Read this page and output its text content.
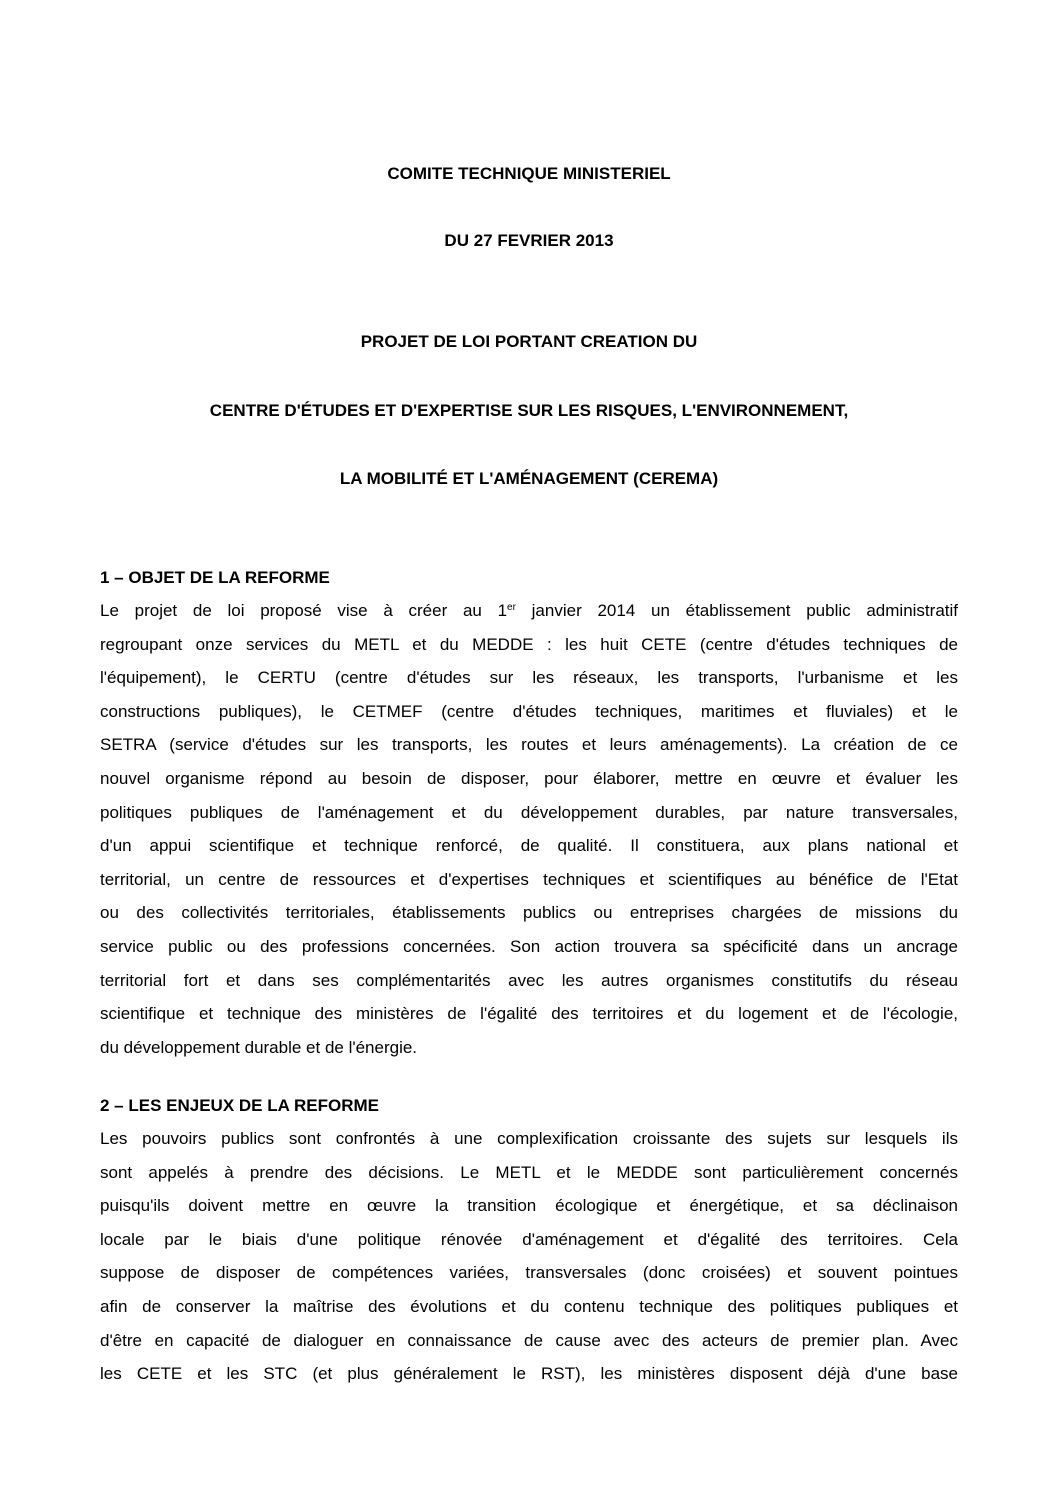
COMITE TECHNIQUE MINISTERIEL
DU 27 FEVRIER 2013
PROJET DE LOI PORTANT CREATION DU
CENTRE D'ÉTUDES ET D'EXPERTISE SUR LES RISQUES, L'ENVIRONNEMENT,
LA MOBILITÉ ET L'AMÉNAGEMENT (CEREMA)
1 – OBJET DE LA REFORME

Le projet de loi proposé vise à créer au 1er janvier 2014 un établissement public administratif
regroupant onze services du METL et du MEDDE : les huit CETE (centre d'études techniques de
l'équipement), le CERTU (centre d'études sur les réseaux, les transports, l'urbanisme et les
constructions publiques), le CETMEF (centre d'études techniques, maritimes et fluviales) et le
SETRA (service d'études sur les transports, les routes et leurs aménagements). La création de ce
nouvel organisme répond au besoin de disposer, pour élaborer, mettre en œuvre et évaluer les
politiques publiques de l'aménagement et du développement durables, par nature transversales,
d'un appui scientifique et technique renforcé, de qualité. Il constituera, aux plans national et
territorial, un centre de ressources et d'expertises techniques et scientifiques au bénéfice de l'Etat
ou des collectivités territoriales, établissements publics ou entreprises chargées de missions du
service public ou des professions concernées. Son action trouvera sa spécificité dans un ancrage
territorial fort et dans ses complémentarités avec les autres organismes constitutifs du réseau
scientifique et technique des ministères de l'égalité des territoires et du logement et de l'écologie,
du développement durable et de l'énergie.

2 – LES ENJEUX DE LA REFORME

Les pouvoirs publics sont confrontés à une complexification croissante des sujets sur lesquels ils
sont appelés à prendre des décisions. Le METL et le MEDDE sont particulièrement concernés
puisqu'ils doivent mettre en œuvre la transition écologique et énergétique, et sa déclinaison
locale par le biais d'une politique rénovée d'aménagement et d'égalité des territoires. Cela
suppose de disposer de compétences variées, transversales (donc croisées) et souvent pointues
afin de conserver la maîtrise des évolutions et du contenu technique des politiques publiques et
d'être en capacité de dialoguer en connaissance de cause avec des acteurs de premier plan. Avec
les CETE et les STC (et plus généralement le RST), les ministères disposent déjà d'une base
